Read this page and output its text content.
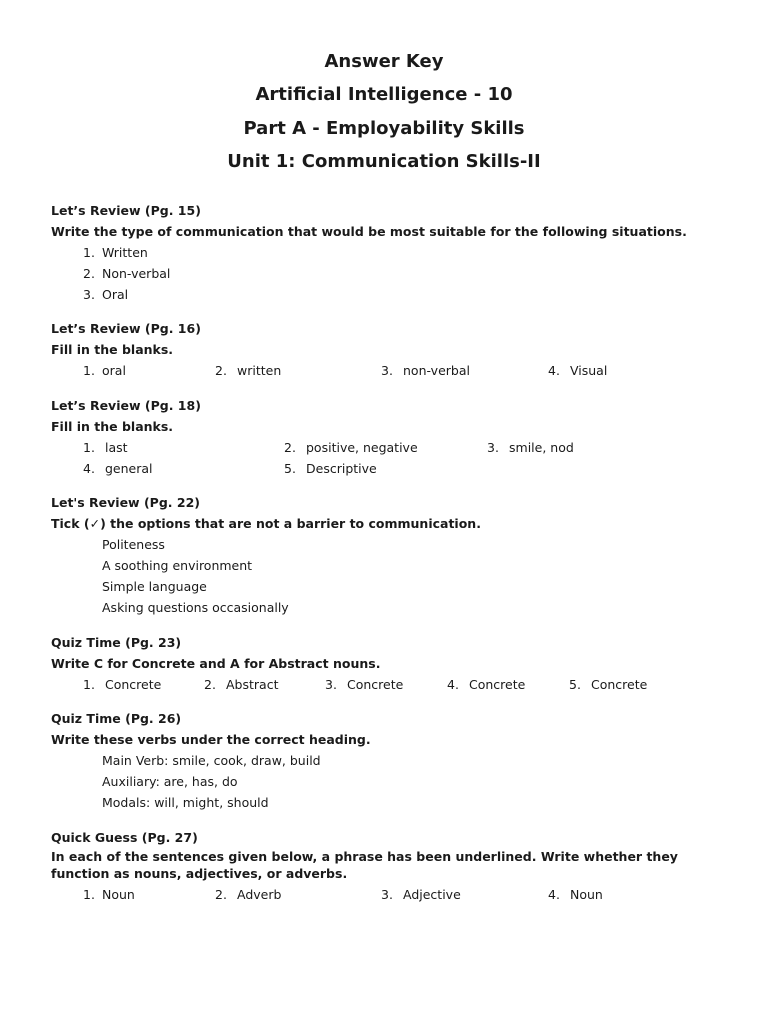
Answer Key
Artificial Intelligence - 10
Part A - Employability Skills
Unit 1: Communication Skills-II
Let’s Review (Pg. 15)
Write the type of communication that would be most suitable for the following situations.
1. Written
2. Non-verbal
3. Oral
Let’s Review (Pg. 16)
Fill in the blanks.
1. oral	2. written	3. non-verbal	4. Visual
Let’s Review (Pg. 18)
Fill in the blanks.
1. last	2. positive, negative	3. smile, nod
4. general	5. Descriptive
Let's Review (Pg. 22)
Tick (✓) the options that are not a barrier to communication.
Politeness
A soothing environment
Simple language
Asking questions occasionally
Quiz Time (Pg. 23)
Write C for Concrete and A for Abstract nouns.
1. Concrete	2. Abstract	3. Concrete	4. Concrete	5. Concrete
Quiz Time (Pg. 26)
Write these verbs under the correct heading.
Main Verb: smile, cook, draw, build
Auxiliary: are, has, do
Modals: will, might, should
Quick Guess (Pg. 27)
In each of the sentences given below, a phrase has been underlined. Write whether they function as nouns, adjectives, or adverbs.
1. Noun	2. Adverb	3. Adjective	4. Noun
